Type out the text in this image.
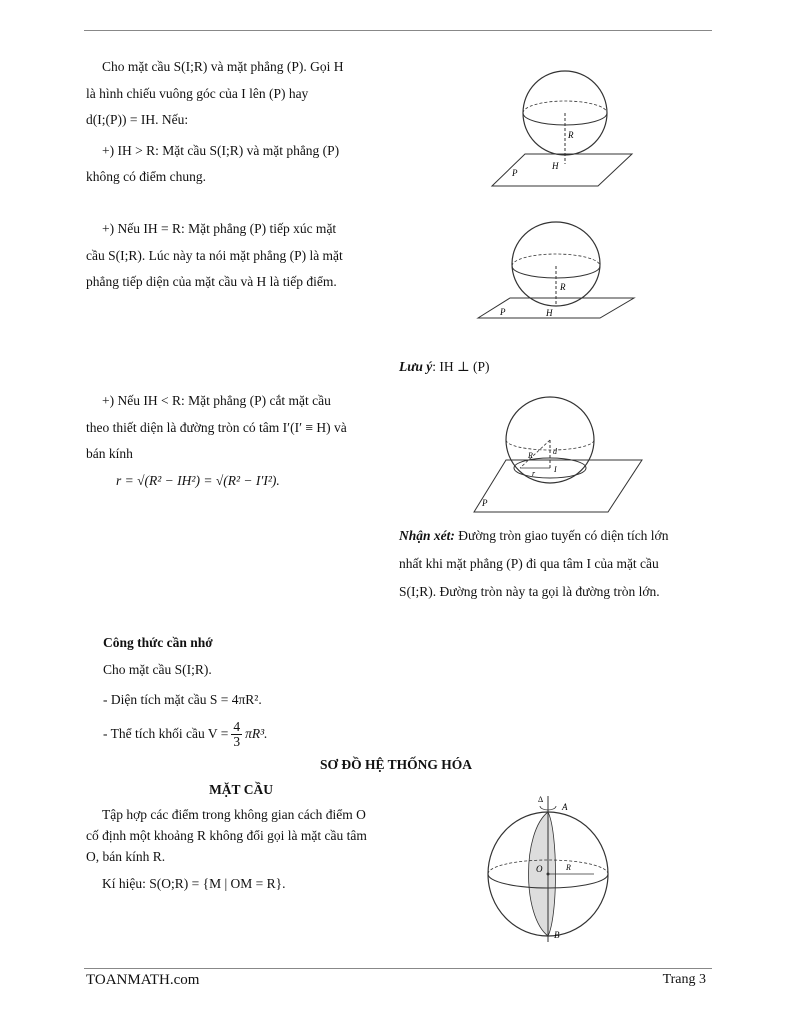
Cho mặt cầu S(I;R) và mặt phẳng (P). Gọi H
là hình chiếu vuông góc của I lên (P) hay
d(I;(P)) = IH. Nếu:
+) IH > R: Mặt cầu S(I;R) và mặt phẳng (P)
không có điểm chung.
R
H
P
+) Nếu IH = R: Mặt phẳng (P) tiếp xúc mặt
cầu S(I;R). Lúc này ta nói mặt phẳng (P) là mặt
phẳng tiếp diện của mặt cầu và H là tiếp điểm.	R
P	H
Lưu ý: IH ⊥ (P)
+) Nếu IH < R: Mặt phẳng (P) cắt mặt cầu
theo thiết diện là đường tròn có tâm I′(I′ ≡ H) và
bán kính
r = √(R² − IH²) = √(R² − I′I²).
d
R
r I
P
Nhận xét: Đường tròn giao tuyến có diện tích lớn
nhất khi mặt phẳng (P) đi qua tâm I của mặt cầu
S(I;R). Đường tròn này ta gọi là đường tròn lớn.
Công thức cần nhớ
Cho mặt cầu S(I;R).
- Diện tích mặt cầu S = 4πR².
- Thể tích khối cầu $V = \frac{4}{3} \pi R^3$.
SƠ ĐỒ HỆ THỐNG HÓA
MẶT CẦU
Tập hợp các điểm trong không gian cách điểm O
cố định một khoảng R không đổi gọi là mặt cầu tâm
O, bán kính R.
Kí hiệu: S(O;R) = {M | OM = R}.
Δ
A
O	R
B
TOANMATH.com	Trang 3
